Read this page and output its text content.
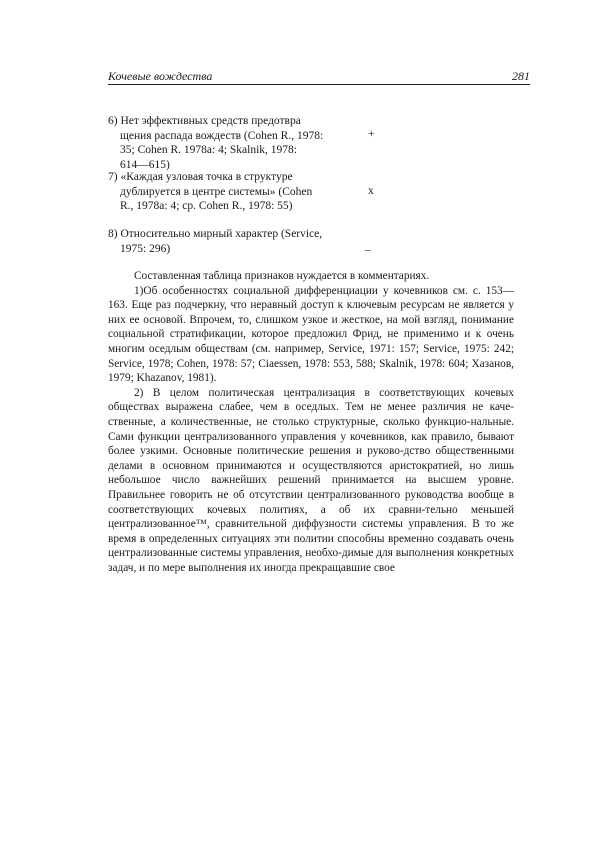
Кочевые вождества	281
6) Нет эффективных средств предотвра
щения распада вождеств (Cohen R., 1978:
35; Cohen R. 1978a: 4; Skalnik, 1978:
614—615)
+
7) «Каждая узловая точка в структуре
дублируется в центре системы» (Cohen
R., 1978a: 4; ср. Cohen R., 1978: 55)
x
8) Относительно мирный характер (Service,
1975: 296)	_

Составленная таблица признаков нуждается в комментариях.

1)Об особенностях социальной дифференциации у кочевников см. с. 153—163. Еще раз подчеркну, что неравный доступ к ключевым ресурсам не является у них ее основой. Впрочем, то, слишком узкое и жесткое, на мой взгляд, понимание социальной стратификации, которое предложил Фрид, не применимо и к очень многим оседлым обществам (см. например, Service, 1971: 157; Service, 1975: 242; Service, 1978; Cohen, 1978: 57; Ciaessen, 1978: 553, 588; Skalnik, 1978: 604; Хазанов, 1979; Khazanov, 1981).

2) В целом политическая централизация в соответствующих кочевых обществах выражена слабее, чем в оседлых. Тем не менее различия не каче-ственные, а количественные, не столько структурные, сколько функцио-нальные. Сами функции централизованного управления у кочевников, как правило, бывают более узкими. Основные политические решения и руково-дство общественными делами в основном принимаются и осуществляются аристократией, но лишь небольшое число важнейших решений принимается на высшем уровне. Правильнее говорить не об отсутствии централизованного руководства вообще в соответствующих кочевых политиях, а об их сравни-тельно меньшей централизованное™, сравнительной диффузности системы управления. В то же время в определенных ситуациях эти политии способны временно создавать очень централизованные системы управления, необхо-димые для выполнения конкретных задач, и по мере выполнения их иногда прекращавшие свое
